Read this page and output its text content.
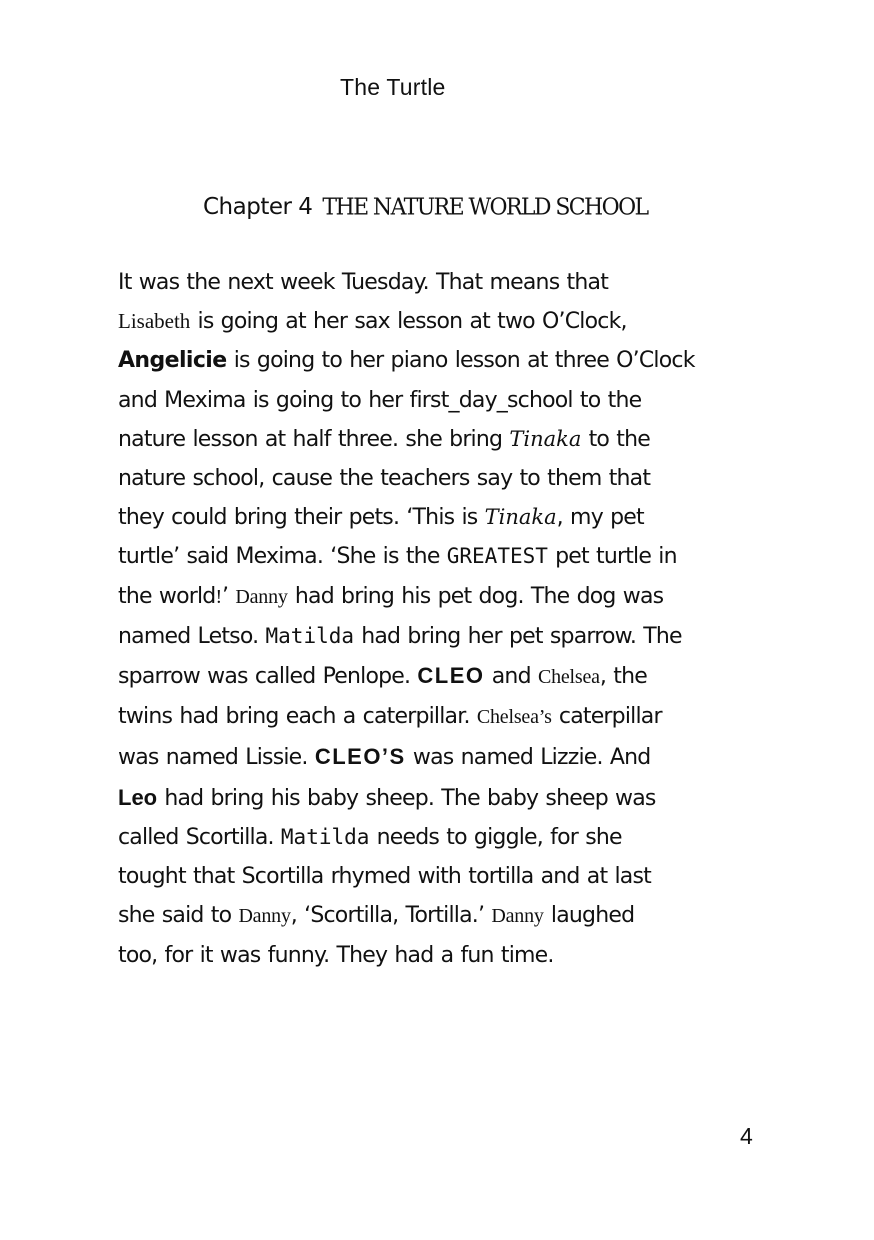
The Turtle
Chapter 4 THE NATURE WORLD SCHOOL
It was the next week Tuesday. That means that
Lisabeth is going at her sax lesson at two O’Clock,
Angelicie is going to her piano lesson at three O’Clock
and Mexima is going to her first_day_school to the
nature lesson at half three. she bring Tinaka to the
nature school, cause the teachers say to them that
they could bring their pets. ‘This is Tinaka, my pet
turtle’ said Mexima. ‘She is the GREATEST pet turtle in
the world!’ Danny had bring his pet dog. The dog was
named Letso. Matilda had bring her pet sparrow. The
sparrow was called Penlope. CLEO and Chelsea, the
twins had bring each a caterpillar. Chelsea’s caterpillar
was named Lissie. CLEO’S was named Lizzie. And
Leo had bring his baby sheep. The baby sheep was
called Scortilla. Matilda needs to giggle, for she
tought that Scortilla rhymed with tortilla and at last
she said to Danny, ‘Scortilla, Tortilla.’ Danny laughed
too, for it was funny. They had a fun time.
4
